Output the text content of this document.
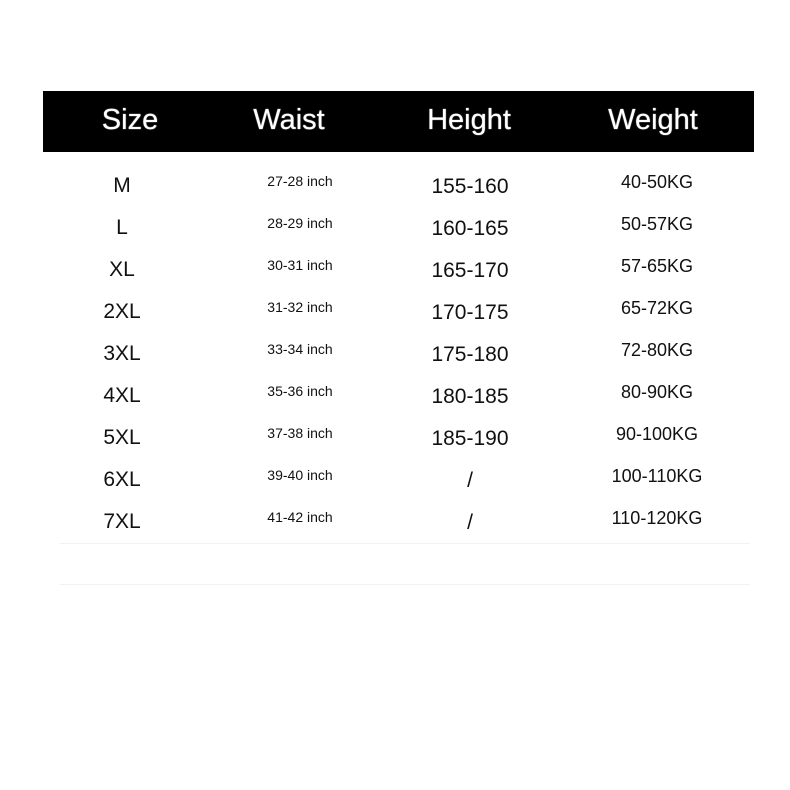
Size	Waist	Height	Weight
M	27-28 inch	155-160	40-50KG
L	28-29 inch	160-165	50-57KG
XL	30-31 inch	165-170	57-65KG
2XL	31-32 inch	170-175	65-72KG
3XL	33-34 inch	175-180	72-80KG
4XL	35-36 inch	180-185	80-90KG
5XL	37-38 inch	185-190	90-100KG
6XL	39-40 inch	/	100-110KG
7XL	41-42 inch	/	110-120KG
